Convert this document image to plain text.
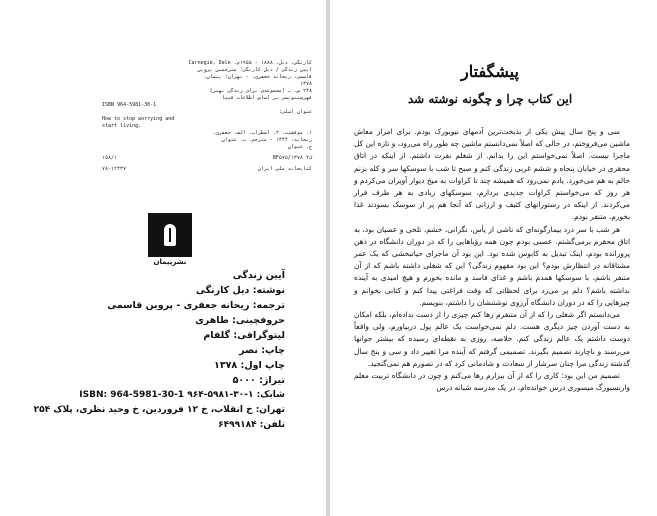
کارنگی، دیل، ۱۸۸۸ - ۱۹۵۵م. Carnegie, Dale
آیین زندگی / دیل کارنگی؛ مترجمین پروین
قاسمی، ریحانه جعفری. - تهران: پیمان،
۱۳۷۸
۲۴۸ ص. ـ (مجموعه‌ی برای زندگی بهتر)
فهرستنویسی بر اساس اطلاعات فیپا
ISBN 964-5981-30-1
عنوان اصلی:
How to stop worrying and
start living.
۱. موفقیت. ۲. اضطراب. الف. جعفری،
ریحانه، ۱۳۴۴ - مترجم. ب. عنوان
ج. عنوان
۱۵۸/۱	BF۵۷۵/ک۴ ۱۳۷۸
۷۸-۱۲۴۳۷	کتابخانه ملی ایران
نشرپیمان
آیین زندگی
نوشته: دیل کارنگی
ترجمه: ریحانه جعفری - پروین قاسمی
حروفچینی: طاهری
لیتوگرافی: گلفام
چاپ: نصر
چاپ اول: ۱۳۷۸
تیراژ: ۵۰۰۰
شابک: ۱-۳۰-۵۹۸۱-۹۶۴ ISBN: 964-5981-30-1
تهران: خ انقلاب، خ ۱۲ فروردین، خ وحید نظری، پلاک ۲۵۴
تلفن: ۶۴۹۹۱۸۴
پیشگفتار
این کتاب چرا و چگونه نوشته شد

سی و پنج سال پیش یکی از بدبخت‌ترین آدمهای نیویورک بودم. برای امرار معاش ماشین می‌فروختم، در حالی که اصلاً نمی‌دانستم ماشین چه طور راه می‌رود، و تازه این کل ماجرا نیست. اصلاً نمی‌خواستم این را بدانم. از شغلم نفرت داشتم. از اینکه در اتاق محقری در خیابان پنجاه و ششم غربی زندگی کنم و صبح تا شب با سوسکها سر و کله بزنم حالم به هم می‌خورد. یادم نمی‌رود که همیشه چند تا کراوات به میخ دیوار آویزان می‌کردم و هر روز که می‌خواستم کراوات جدیدی بردارم، سوسکهای زیادی به هر طرف فرار می‌کردند. از اینکه در رستورانهای کثیف و ارزانی که آنجا هم پر از سوسک بسودند غذا بخورم، متنفر بودم.

هر شب با سر درد بیمارگونه‌ای که ناشی از یأس، نگرانی، خشم، تلخی و عصیان بود، به اتاق محقرم برمی‌گشتم. عصبی بودم چون همه رؤیاهایی را که در دوران دانشگاه در ذهن پرورانده بودم، اینک تبدیل به کابوس شده بود. این بود آن ماجرای حیاتبخشی که یک عمر مشتاقانه در انتظارش بودم؟ این بود مفهوم زندگی؟ این که شغلی داشته باشم که از آن متنفر باشم، با سوسکها همدم باشم و غذای فاسد و مانده بخورم و هیچ امیدی به آینده نداشته باشم؟ دلم پر می‌زد برای لحظاتی که وقت فراغتی پیدا کنم و کتابی بخوانم و چیزهایی را که در دوران دانشگاه آرزوی نوشتنشان را داشتم، بنویسم.

می‌دانستم اگر شغلی را که از آن متنفرم رها کنم چیزی را از دست نداده‌ام، بلکه امکان به دست آوردن چیز دیگری هست. دلم نمی‌خواست یک عالم پول دربیاورم، ولی واقعاً دوست داشتم یک عالم زندگی کنم. خلاصه، روزی به نقطه‌ای رسیده که بیشتر جوانها می‌رسند و ناچارند تصمیم بگیرند. تصمیمی گرفتم که آینده مرا تغییر داد و سی و پنج سال گذشته زندگی مرا چنان سرشار از سعادت و شادمانی کرد که در تصورم هم نمی‌گنجید.

تصمیم من این بود: کاری را که از آن بیزارم رها می‌کنم و چون در دانشگاه تربیت معلم وارنسبورگ میسوری درس خوانده‌ام، در یک مدرسه شبانه درس
